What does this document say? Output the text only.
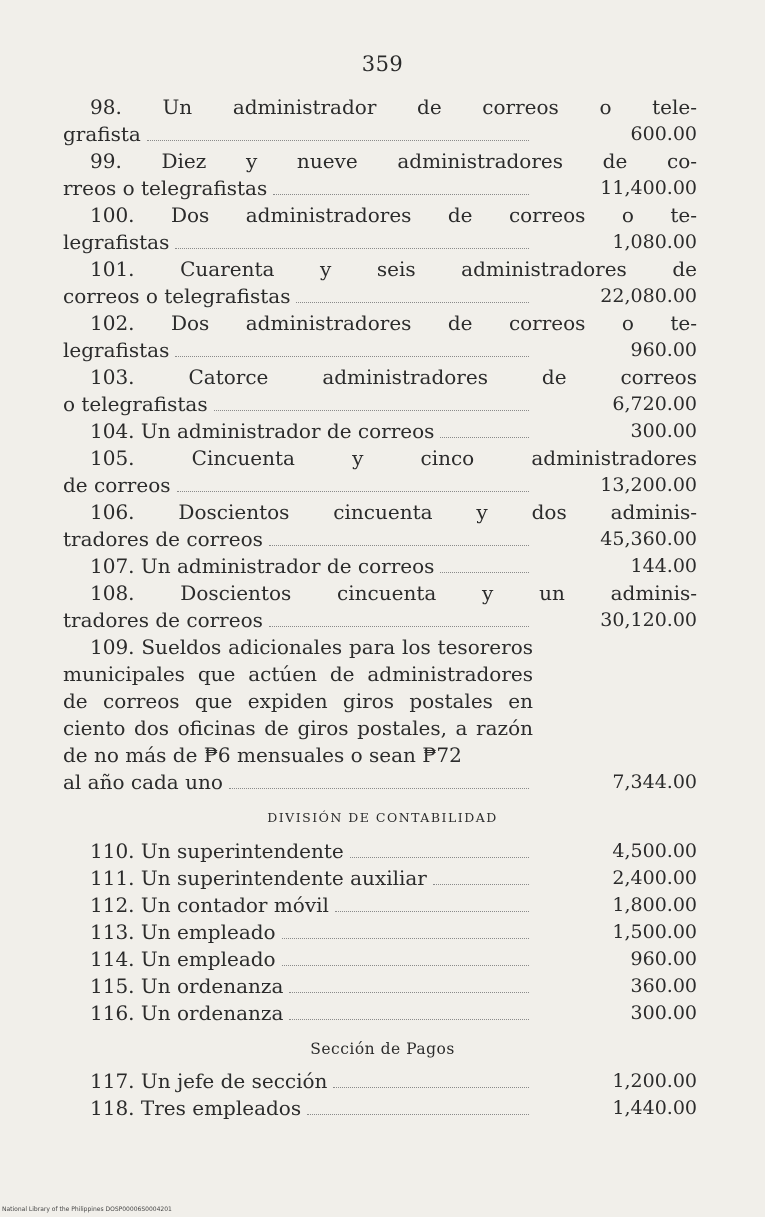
359
98. Un administrador de correos o tele-
grafista	600.00
99. Diez y nueve administradores de co-
rreos o telegrafistas	11,400.00
100. Dos administradores de correos o te-
legrafistas	1,080.00
101. Cuarenta y seis administradores de
correos o telegrafistas	22,080.00
102. Dos administradores de correos o te-
legrafistas	960.00
103. Catorce administradores de correos
o telegrafistas	6,720.00
104. Un administrador de correos	300.00
105. Cincuenta y cinco administradores
de correos	13,200.00
106. Doscientos cincuenta y dos adminis-
tradores de correos	45,360.00
107. Un administrador de correos	144.00
108. Doscientos cincuenta y un adminis-
tradores de correos	30,120.00
109. Sueldos adicionales para los tesoreros municipales que actúen de administradores de correos que expiden giros postales en ciento dos oficinas de giros postales, a razón de no más de ₱6 mensuales o sean ₱72
al año cada uno	7,344.00
DIVISIÓN DE CONTABILIDAD
110. Un superintendente	4,500.00
111. Un superintendente auxiliar	2,400.00
112. Un contador móvil	1,800.00
113. Un empleado	1,500.00
114. Un empleado	960.00
115. Un ordenanza	360.00
116. Un ordenanza	300.00
Sección de Pagos
117. Un jefe de sección	1,200.00
118. Tres empleados	1,440.00
National Library of the Philippines DOSP00006S0004201
